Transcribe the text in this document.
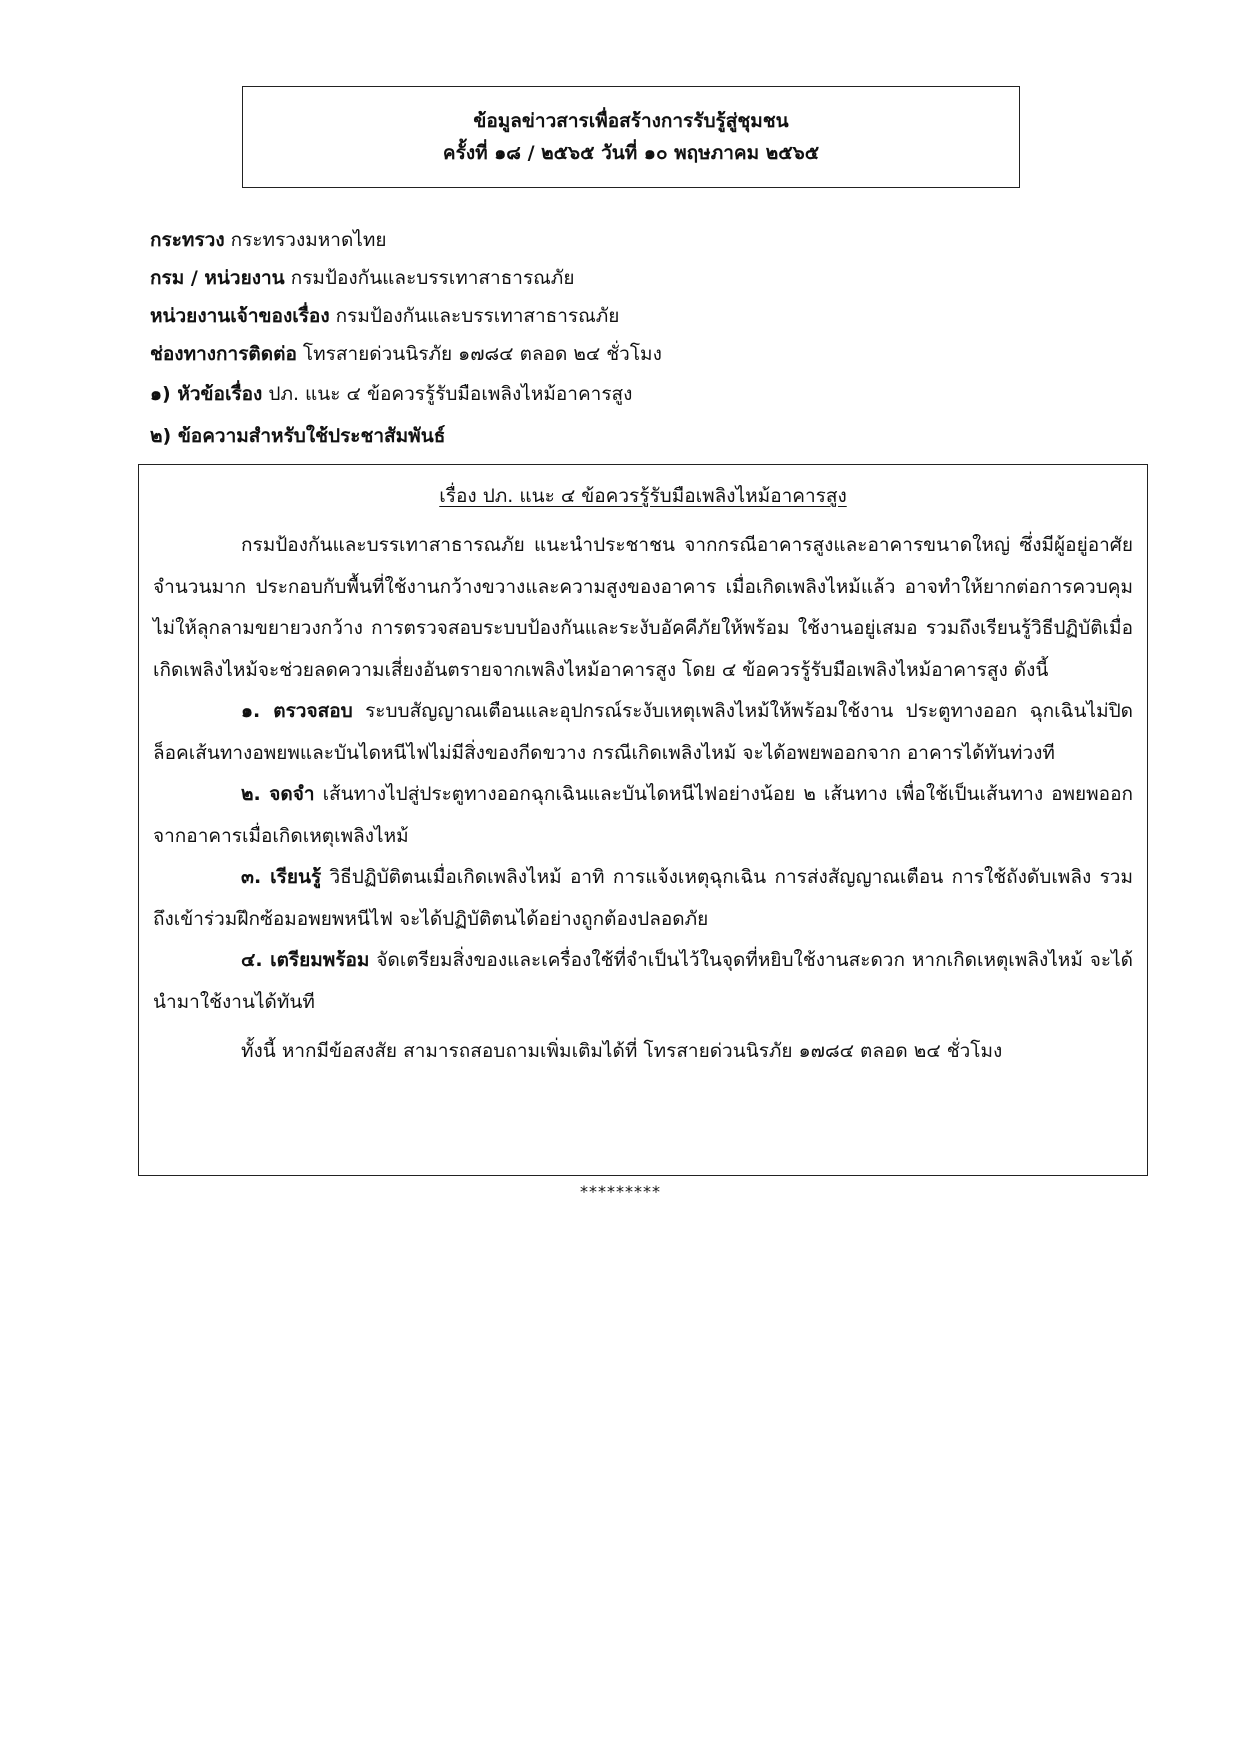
ข้อมูลข่าวสารเพื่อสร้างการรับรู้สู่ชุมชน
ครั้งที่ ๑๘ / ๒๕๖๕ วันที่ ๑๐ พฤษภาคม ๒๕๖๕
กระทรวง กระทรวงมหาดไทย
กรม / หน่วยงาน กรมป้องกันและบรรเทาสาธารณภัย
หน่วยงานเจ้าของเรื่อง กรมป้องกันและบรรเทาสาธารณภัย
ช่องทางการติดต่อ โทรสายด่วนนิรภัย ๑๗๘๔ ตลอด ๒๔ ชั่วโมง
๑) หัวข้อเรื่อง ปภ. แนะ ๔ ข้อควรรู้รับมือเพลิงไหม้อาคารสูง
๒) ข้อความสำหรับใช้ประชาสัมพันธ์
เรื่อง ปภ. แนะ ๔ ข้อควรรู้รับมือเพลิงไหม้อาคารสูง

กรมป้องกันและบรรเทาสาธารณภัย แนะนำประชาชน จากกรณีอาคารสูงและอาคารขนาดใหญ่ ซึ่งมีผู้อยู่อาศัยจำนวนมาก ประกอบกับพื้นที่ใช้งานกว้างขวางและความสูงของอาคาร เมื่อเกิดเพลิงไหม้แล้ว อาจทำให้ยากต่อการควบคุมไม่ให้ลุกลามขยายวงกว้าง การตรวจสอบระบบป้องกันและระงับอัคคีภัยให้พร้อม ใช้งานอยู่เสมอ รวมถึงเรียนรู้วิธีปฏิบัติเมื่อเกิดเพลิงไหม้จะช่วยลดความเสี่ยงอันตรายจากเพลิงไหม้อาคารสูง โดย ๔ ข้อควรรู้รับมือเพลิงไหม้อาคารสูง ดังนี้

๑. ตรวจสอบ ระบบสัญญาณเตือนและอุปกรณ์ระงับเหตุเพลิงไหม้ให้พร้อมใช้งาน ประตูทางออก ฉุกเฉินไม่ปิดล็อคเส้นทางอพยพและบันไดหนีไฟไม่มีสิ่งของกีดขวาง กรณีเกิดเพลิงไหม้ จะได้อพยพออกจาก อาคารได้ทันท่วงที

๒. จดจำ เส้นทางไปสู่ประตูทางออกฉุกเฉินและบันไดหนีไฟอย่างน้อย ๒ เส้นทาง เพื่อใช้เป็นเส้นทาง อพยพออกจากอาคารเมื่อเกิดเหตุเพลิงไหม้

๓. เรียนรู้ วิธีปฏิบัติตนเมื่อเกิดเพลิงไหม้ อาทิ การแจ้งเหตุฉุกเฉิน การส่งสัญญาณเตือน การใช้ถังดับเพลิง รวมถึงเข้าร่วมฝึกซ้อมอพยพหนีไฟ จะได้ปฏิบัติตนได้อย่างถูกต้องปลอดภัย

๔. เตรียมพร้อม จัดเตรียมสิ่งของและเครื่องใช้ที่จำเป็นไว้ในจุดที่หยิบใช้งานสะดวก หากเกิดเหตุเพลิงไหม้ จะได้นำมาใช้งานได้ทันที

ทั้งนี้ หากมีข้อสงสัย สามารถสอบถามเพิ่มเติมได้ที่ โทรสายด่วนนิรภัย ๑๗๘๔ ตลอด ๒๔ ชั่วโมง

*********
